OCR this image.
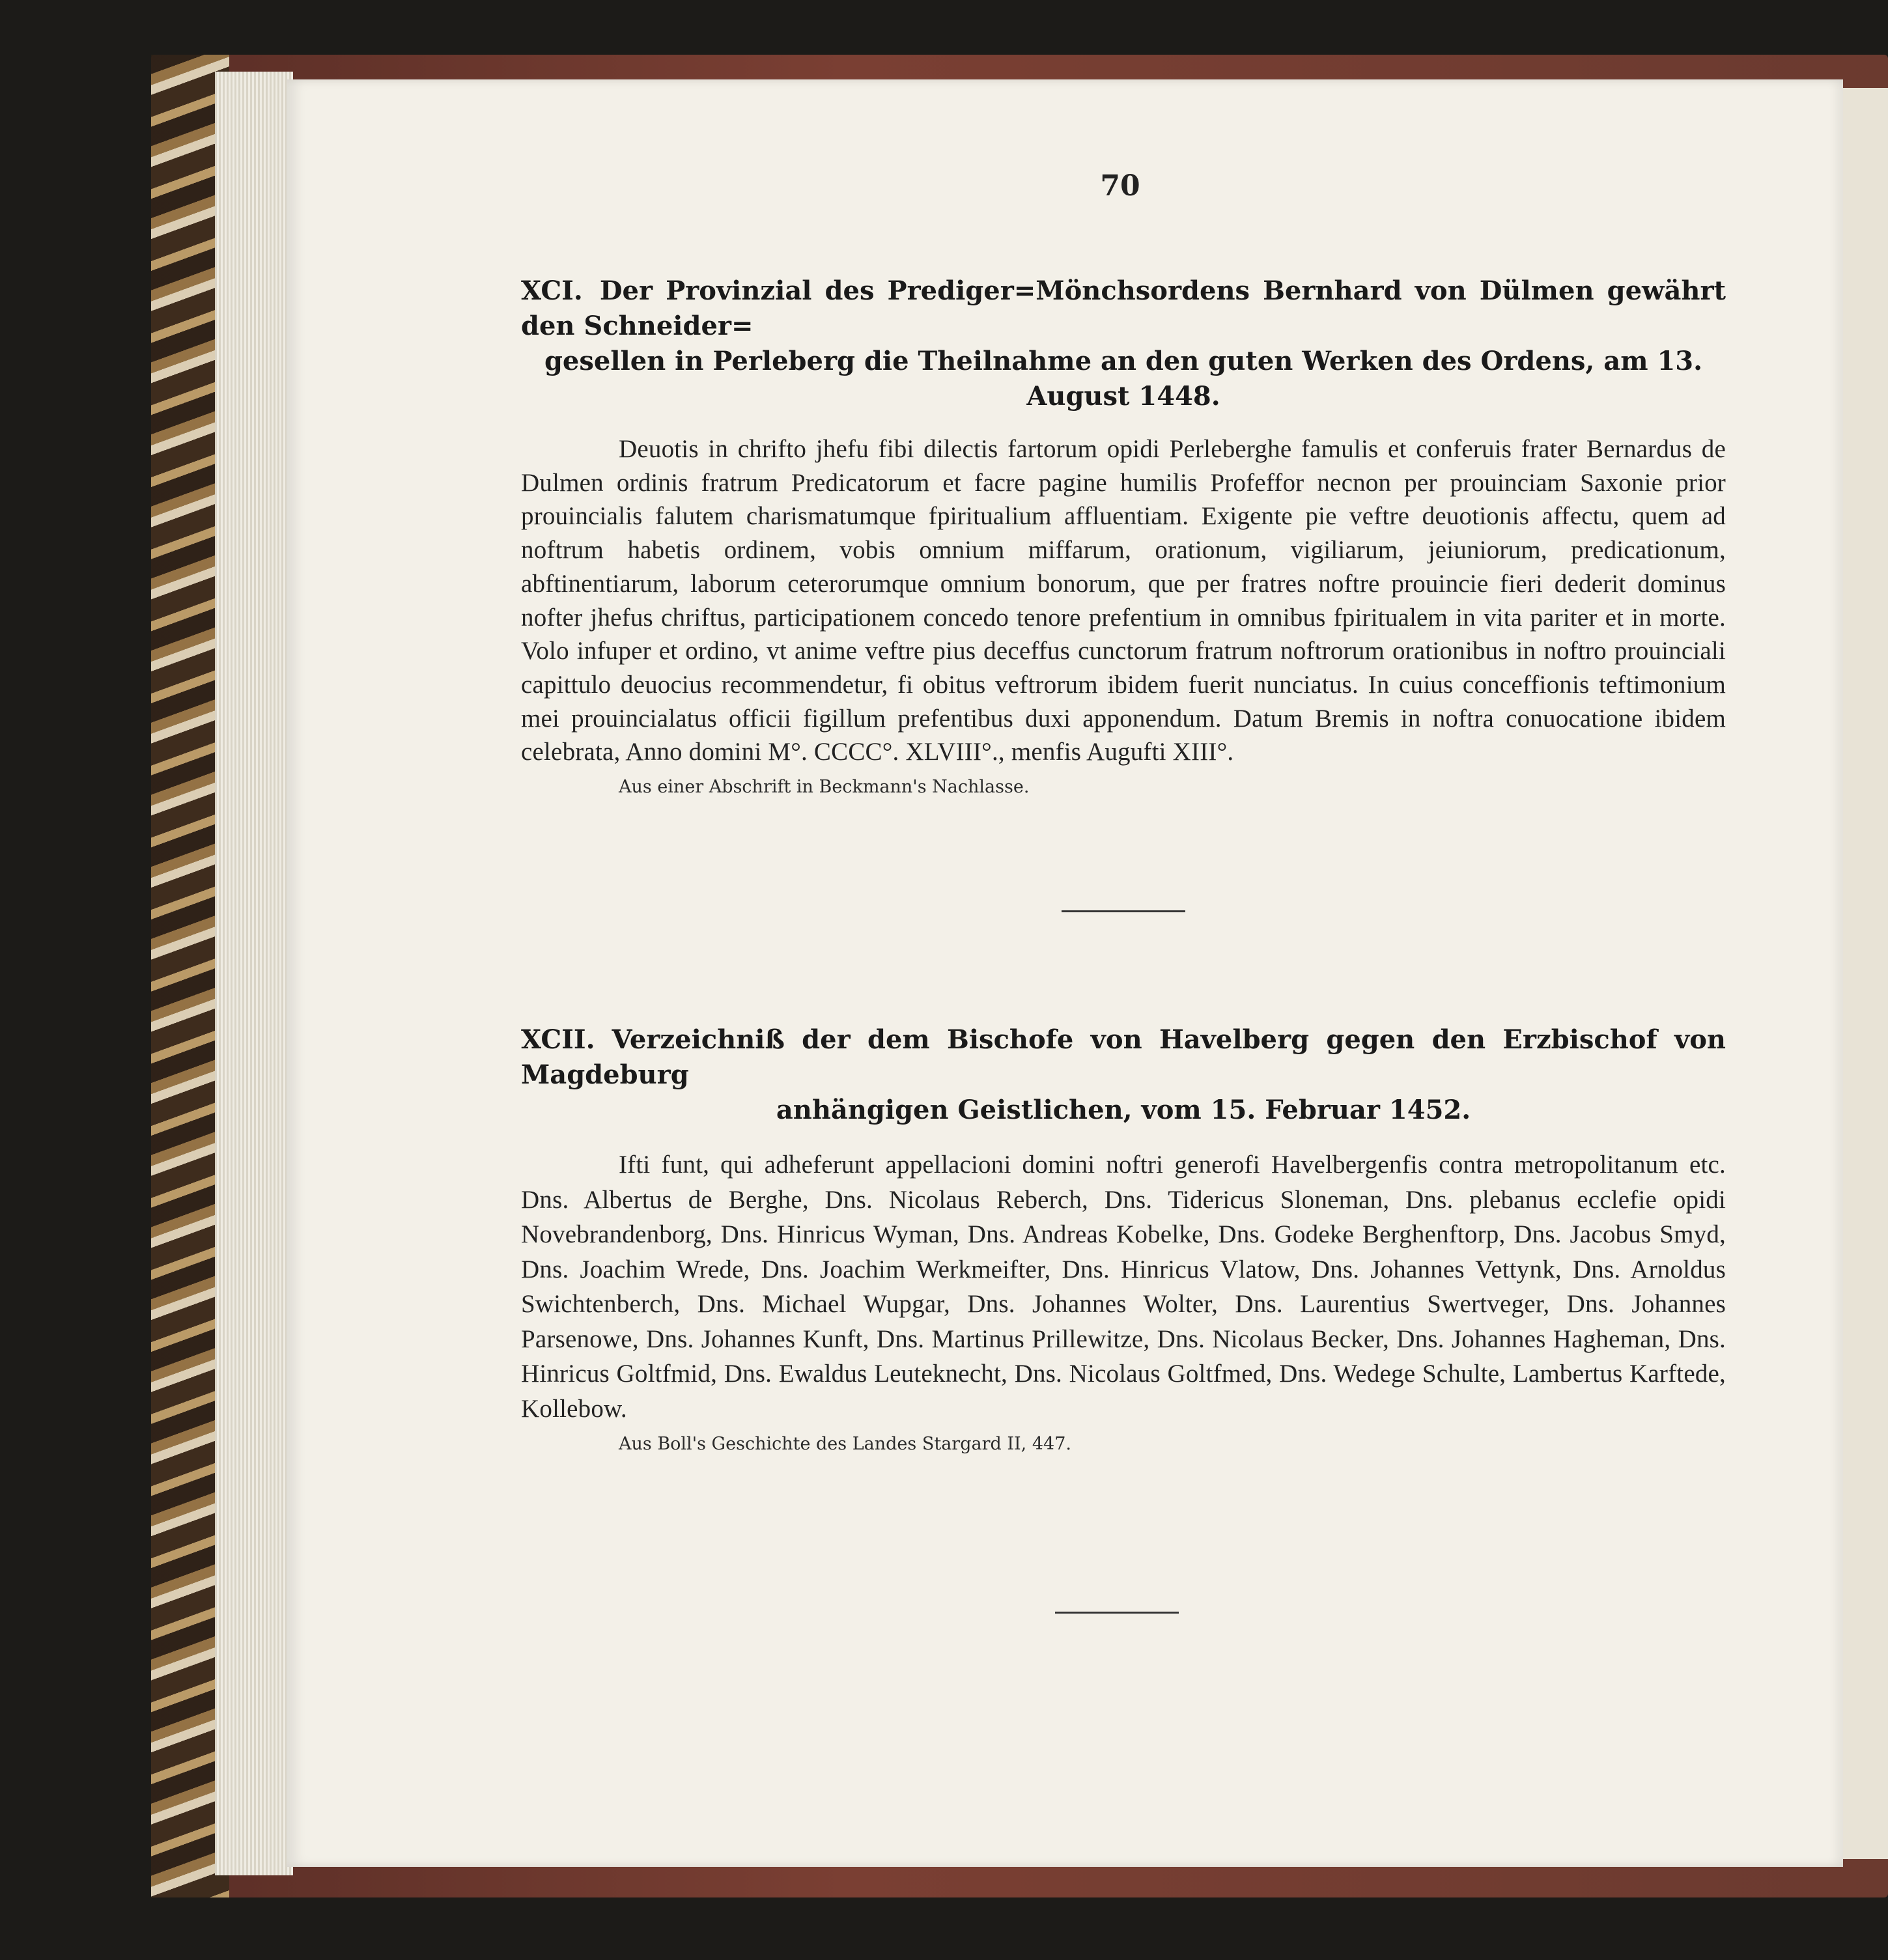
70
XCI. Der Provinzial des Prediger=Mönchsordens Bernhard von Dülmen gewährt den Schneider=
gesellen in Perleberg die Theilnahme an den guten Werken des Ordens, am 13. August 1448.

Deuotis in chrifto jhefu fibi dilectis fartorum opidi Perleberghe famulis et conferuis frater Bernardus de Dulmen ordinis fratrum Predicatorum et facre pagine humilis Profeffor necnon per prouinciam Saxonie prior prouincialis falutem charismatumque fpiritualium affluentiam. Exigente pie veftre deuotionis affectu, quem ad noftrum habetis ordinem, vobis omnium miffarum, orationum, vigiliarum, jeiuniorum, predicationum, abftinentiarum, laborum ceterorumque omnium bonorum, que per fratres noftre prouincie fieri dederit dominus nofter jhefus chriftus, participationem concedo tenore prefentium in omnibus fpiritualem in vita pariter et in morte. Volo infuper et ordino, vt anime veftre pius deceffus cunctorum fratrum noftrorum orationibus in noftro prouinciali capittulo deuocius recommendetur, fi obitus veftrorum ibidem fuerit nunciatus. In cuius conceffionis teftimonium mei prouincialatus officii figillum prefentibus duxi apponendum. Datum Bremis in noftra conuocatione ibidem celebrata, Anno domini M°. CCCC°. XLVIII°., menfis Augufti XIII°.

Aus einer Abschrift in Beckmann's Nachlasse.
XCII. Verzeichniß der dem Bischofe von Havelberg gegen den Erzbischof von Magdeburg
anhängigen Geistlichen, vom 15. Februar 1452.

Ifti funt, qui adheferunt appellacioni domini noftri generofi Havelbergenfis contra metropolitanum etc. Dns. Albertus de Berghe, Dns. Nicolaus Reberch, Dns. Tidericus Sloneman, Dns. plebanus ecclefie opidi Novebrandenborg, Dns. Hinricus Wyman, Dns. Andreas Kobelke, Dns. Godeke Berghenftorp, Dns. Jacobus Smyd, Dns. Joachim Wrede, Dns. Joachim Werkmeifter, Dns. Hinricus Vlatow, Dns. Johannes Vettynk, Dns. Arnoldus Swichtenberch, Dns. Michael Wupgar, Dns. Johannes Wolter, Dns. Laurentius Swertveger, Dns. Johannes Parsenowe, Dns. Johannes Kunft, Dns. Martinus Prillewitze, Dns. Nicolaus Becker, Dns. Johannes Hagheman, Dns. Hinricus Goltfmid, Dns. Ewaldus Leuteknecht, Dns. Nicolaus Goltfmed, Dns. Wedege Schulte, Lambertus Karftede, Kollebow.

Aus Boll's Geschichte des Landes Stargard II, 447.
